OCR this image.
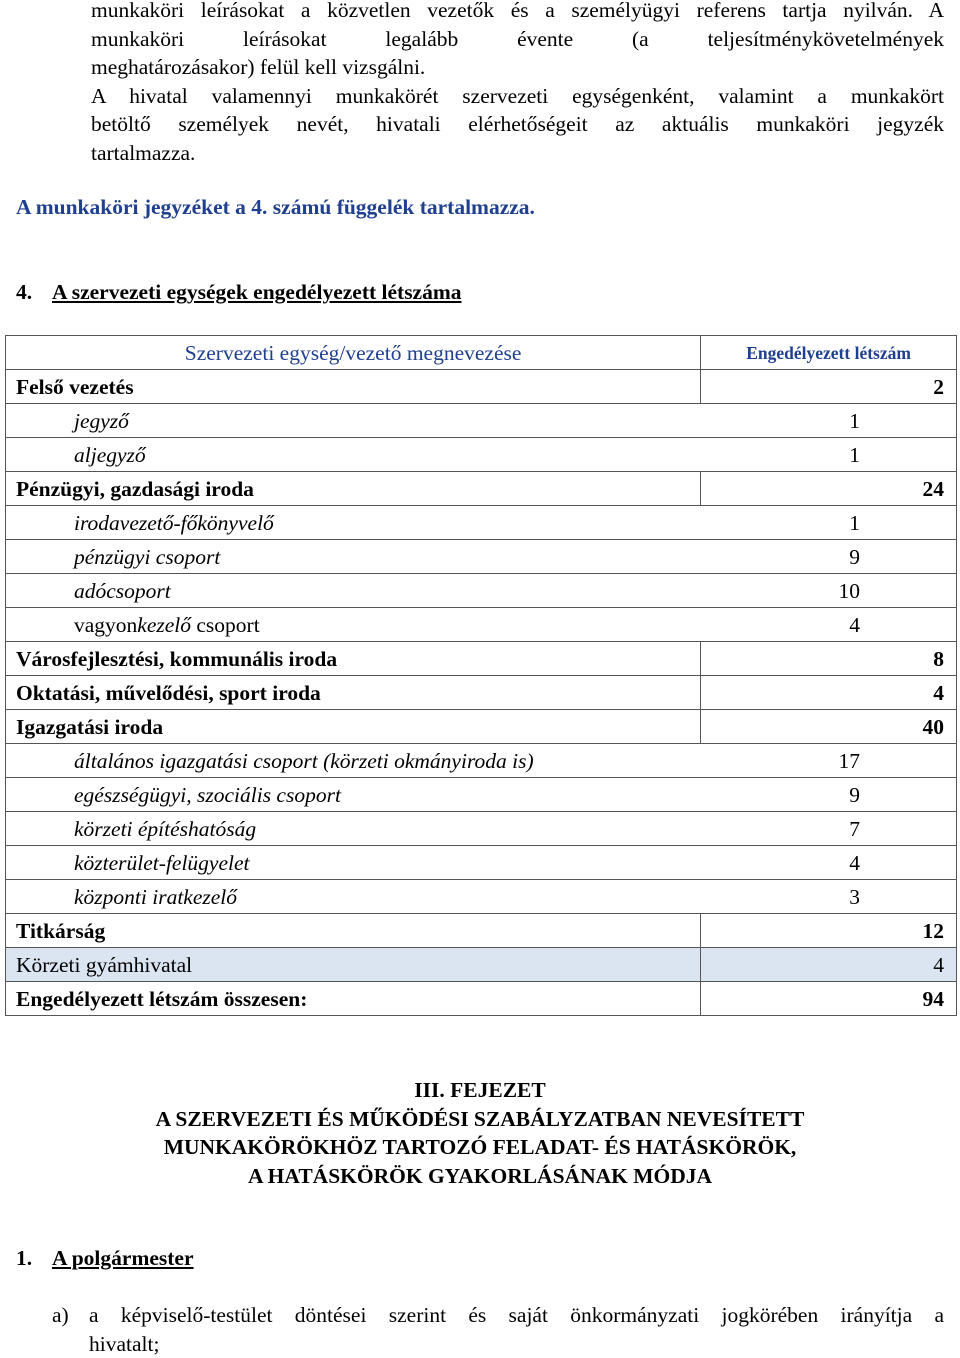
munkaköri leírásokat a közvetlen vezetők és a személyügyi referens tartja nyilván. A

munkaköri leírásokat legalább évente (a teljesítménykövetelmények

meghatározásakor) felül kell vizsgálni.

A hivatal valamennyi munkakörét szervezeti egységenként, valamint a munkakört

betöltő személyek nevét, hivatali elérhetőségeit az aktuális munkaköri jegyzék

tartalmazza.

A munkaköri jegyzéket a 4. számú függelék tartalmazza.

4. A szervezeti egységek engedélyezett létszáma

Szervezeti egység/vezető megnevezése	Engedélyezett létszám
Felső vezetés	2

jegyző 1	

aljegyző 1	

Pénzügyi, gazdasági iroda	24

irodavezető-főkönyvelő 1	

pénzügyi csoport 9	

adócsoport 10	

vagyonkezelő csoport 4	

Városfejlesztési, kommunális iroda	8
Oktatási, művelődési, sport iroda	4
Igazgatási iroda	40

általános igazgatási csoport (körzeti okmányiroda is) 17	

egészségügyi, szociális csoport 9	

körzeti építéshatóság 7	

közterület-felügyelet 4	

központi iratkezelő 3	

Titkárság	12
Körzeti gyámhivatal	4
Engedélyezett létszám összesen:	94
III. FEJEZET
A SZERVEZETI ÉS MŰKÖDÉSI SZABÁLYZATBAN NEVESÍTETT
MUNKAKÖRÖKHÖZ TARTOZÓ FELADAT- ÉS HATÁSKÖRÖK,
A HATÁSKÖRÖK GYAKORLÁSÁNAK MÓDJA

1. A polgármester

a) a képviselő-testület döntései szerint és saját önkormányzati jogkörében irányítja a
hivatalt;
